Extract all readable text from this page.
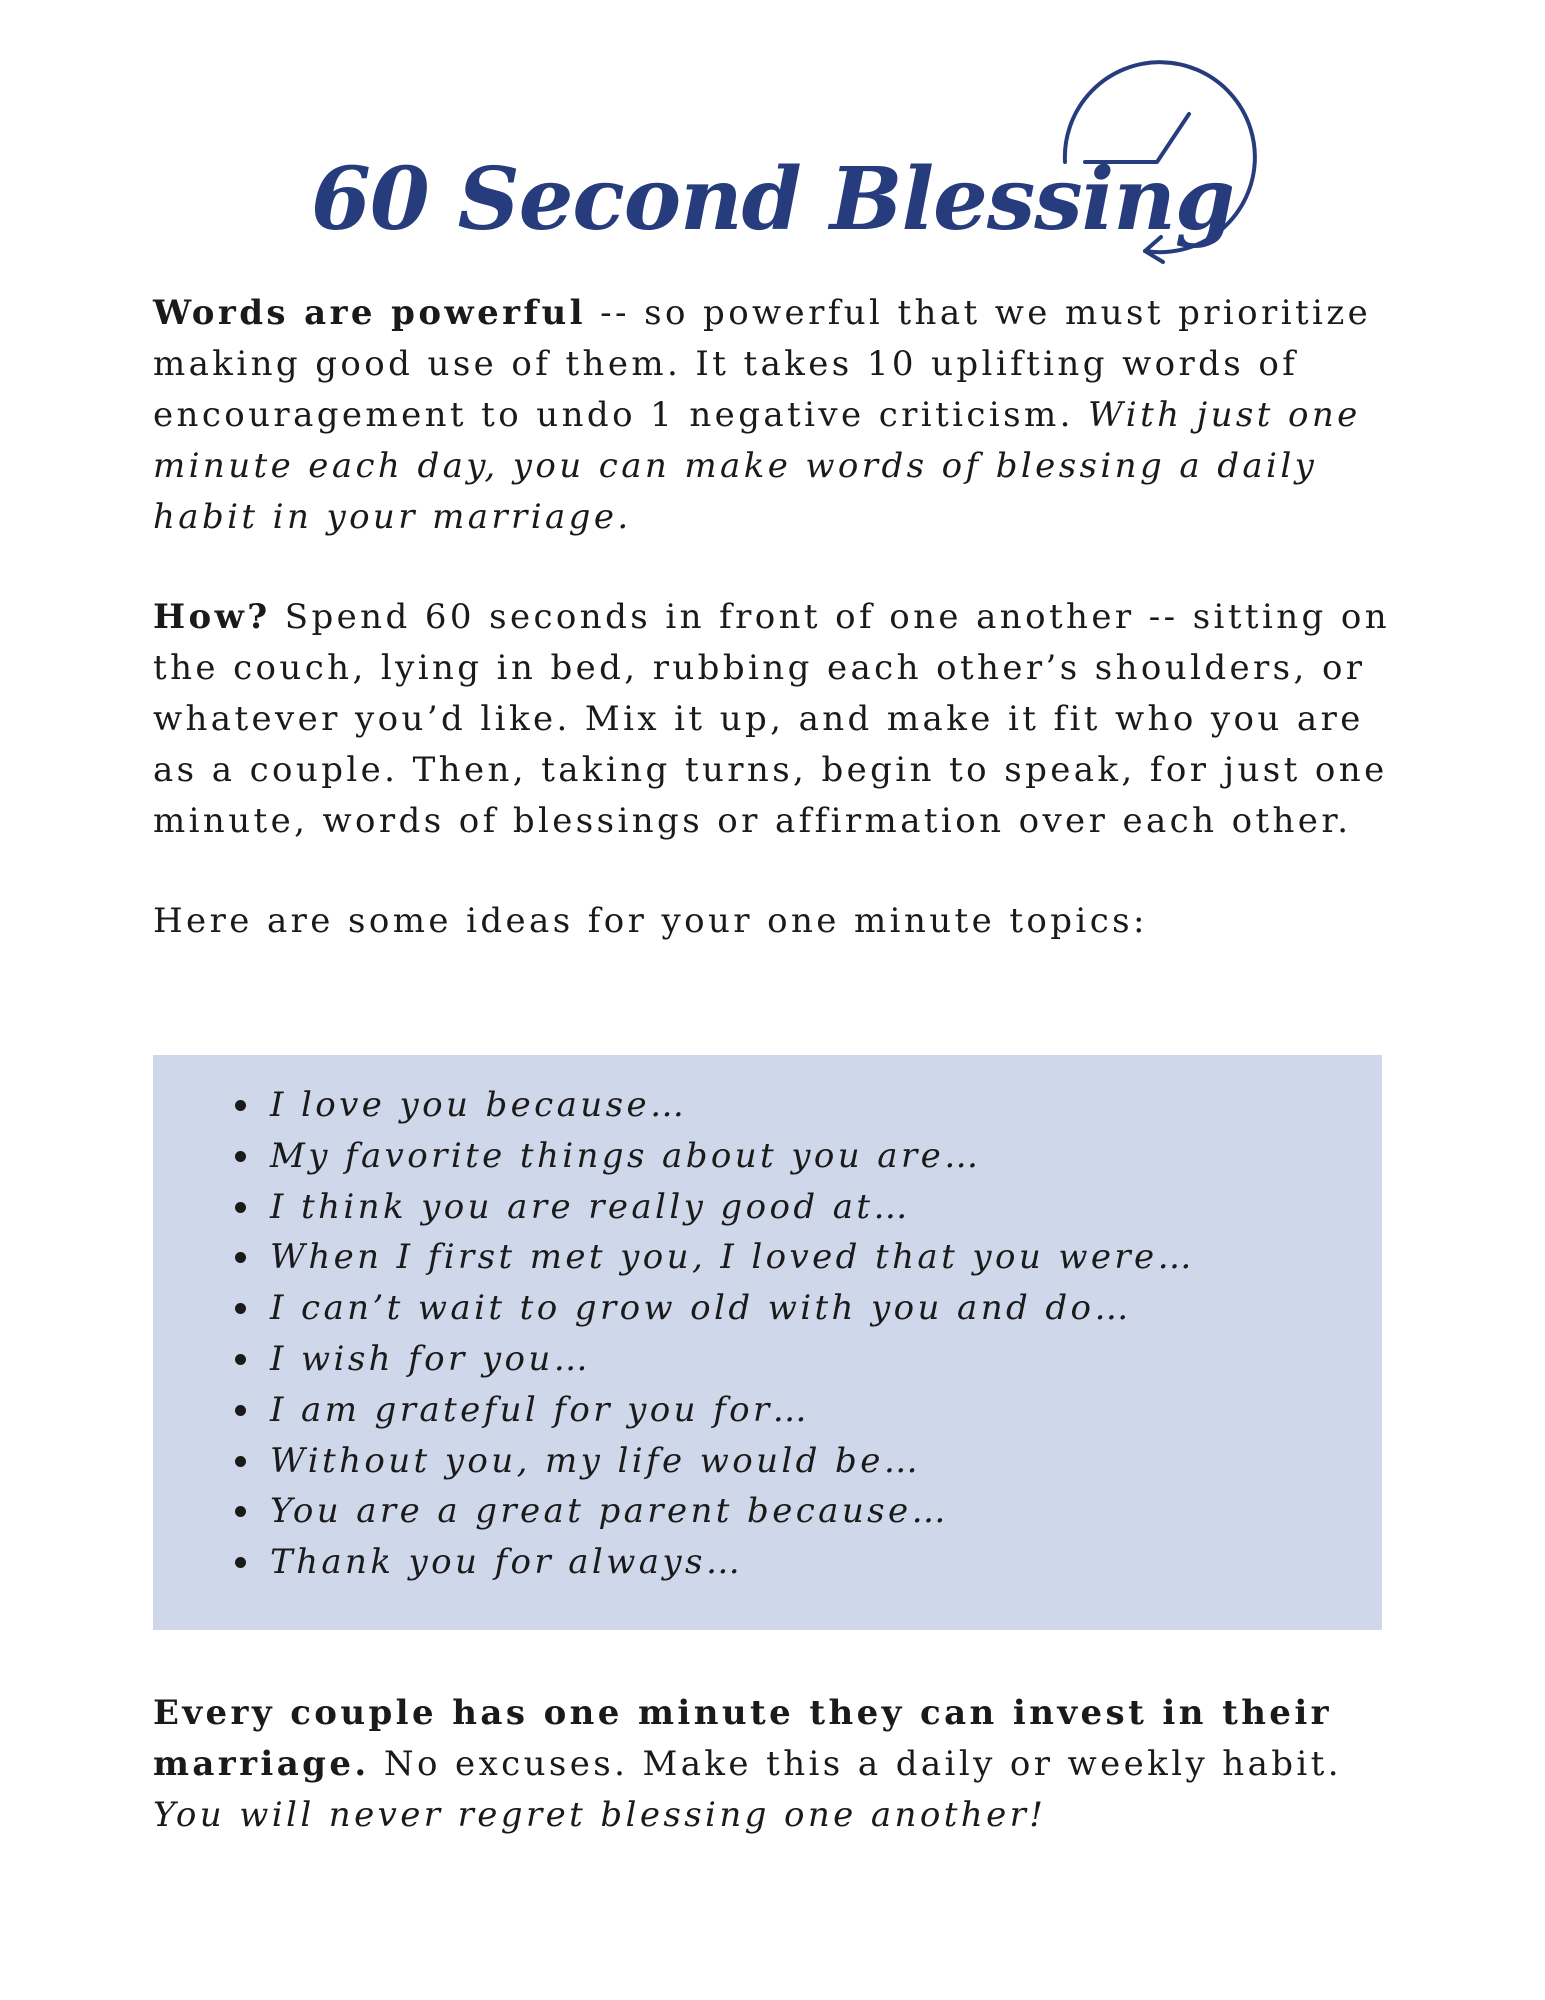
60 Second Blessing

Words are powerful -- so powerful that we must prioritize making good use of them. It takes 10 uplifting words of encouragement to undo 1 negative criticism. With just one minute each day, you can make words of blessing a daily habit in your marriage.

How? Spend 60 seconds in front of one another -- sitting on the couch, lying in bed, rubbing each other’s shoulders, or whatever you’d like. Mix it up, and make it fit who you are as a couple. Then, taking turns, begin to speak, for just one minute, words of blessings or affirmation over each other.

Here are some ideas for your one minute topics:

I love you because…
My favorite things about you are…
I think you are really good at…
When I first met you, I loved that you were…
I can’t wait to grow old with you and do…
I wish for you…
I am grateful for you for…
Without you, my life would be…
You are a great parent because…
Thank you for always…

Every couple has one minute they can invest in their marriage. No excuses. Make this a daily or weekly habit. You will never regret blessing one another!
